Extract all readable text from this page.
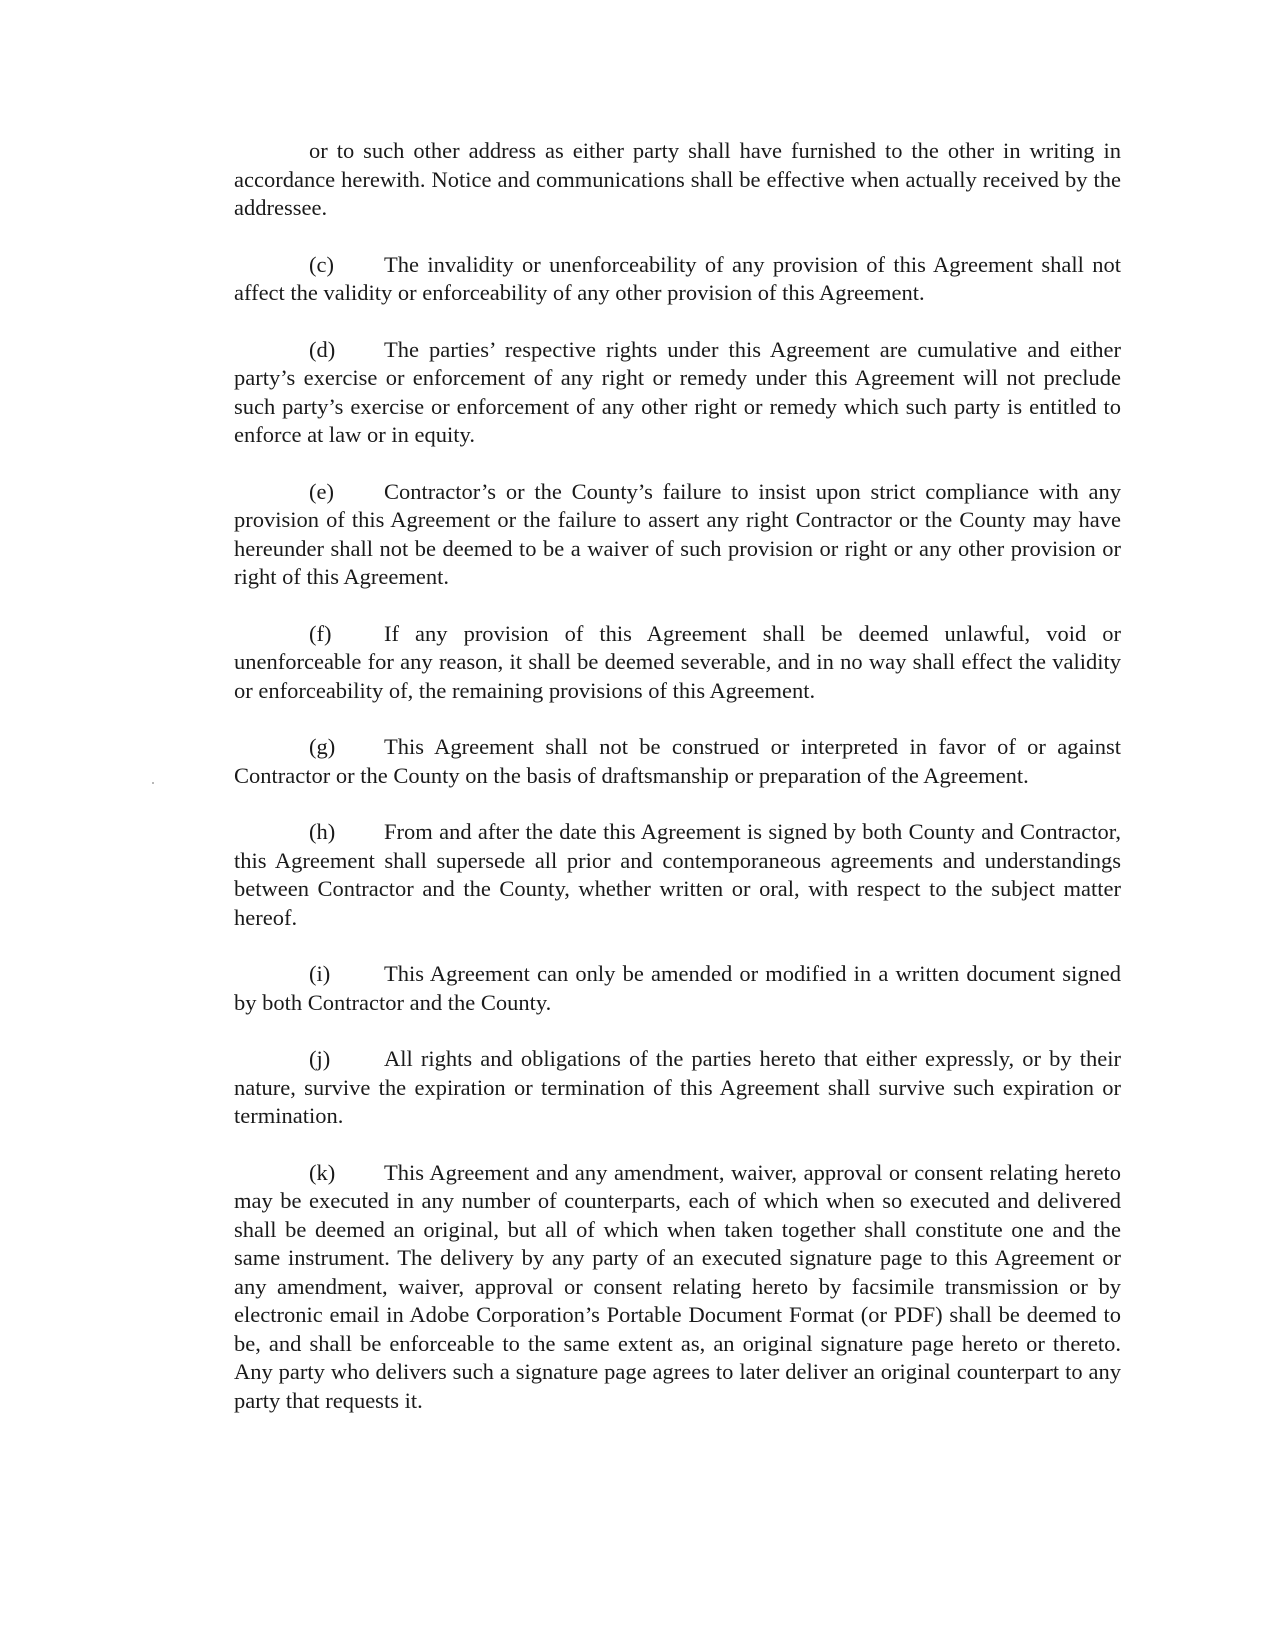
or to such other address as either party shall have furnished to the other in writing in accordance herewith. Notice and communications shall be effective when actually received by the addressee.

(c) The invalidity or unenforceability of any provision of this Agreement shall not affect the validity or enforceability of any other provision of this Agreement.

(d) The parties’ respective rights under this Agreement are cumulative and either party’s exercise or enforcement of any right or remedy under this Agreement will not preclude such party’s exercise or enforcement of any other right or remedy which such party is entitled to enforce at law or in equity.

(e) Contractor’s or the County’s failure to insist upon strict compliance with any provision of this Agreement or the failure to assert any right Contractor or the County may have hereunder shall not be deemed to be a waiver of such provision or right or any other provision or right of this Agreement.

(f) If any provision of this Agreement shall be deemed unlawful, void or unenforceable for any reason, it shall be deemed severable, and in no way shall effect the validity or enforceability of, the remaining provisions of this Agreement.

(g) This Agreement shall not be construed or interpreted in favor of or against Contractor or the County on the basis of draftsmanship or preparation of the Agreement.

(h) From and after the date this Agreement is signed by both County and Contractor, this Agreement shall supersede all prior and contemporaneous agreements and understandings between Contractor and the County, whether written or oral, with respect to the subject matter hereof.

(i) This Agreement can only be amended or modified in a written document signed by both Contractor and the County.

(j) All rights and obligations of the parties hereto that either expressly, or by their nature, survive the expiration or termination of this Agreement shall survive such expiration or termination.

(k) This Agreement and any amendment, waiver, approval or consent relating hereto may be executed in any number of counterparts, each of which when so executed and delivered shall be deemed an original, but all of which when taken together shall constitute one and the same instrument. The delivery by any party of an executed signature page to this Agreement or any amendment, waiver, approval or consent relating hereto by facsimile transmission or by electronic email in Adobe Corporation’s Portable Document Format (or PDF) shall be deemed to be, and shall be enforceable to the same extent as, an original signature page hereto or thereto. Any party who delivers such a signature page agrees to later deliver an original counterpart to any party that requests it.
